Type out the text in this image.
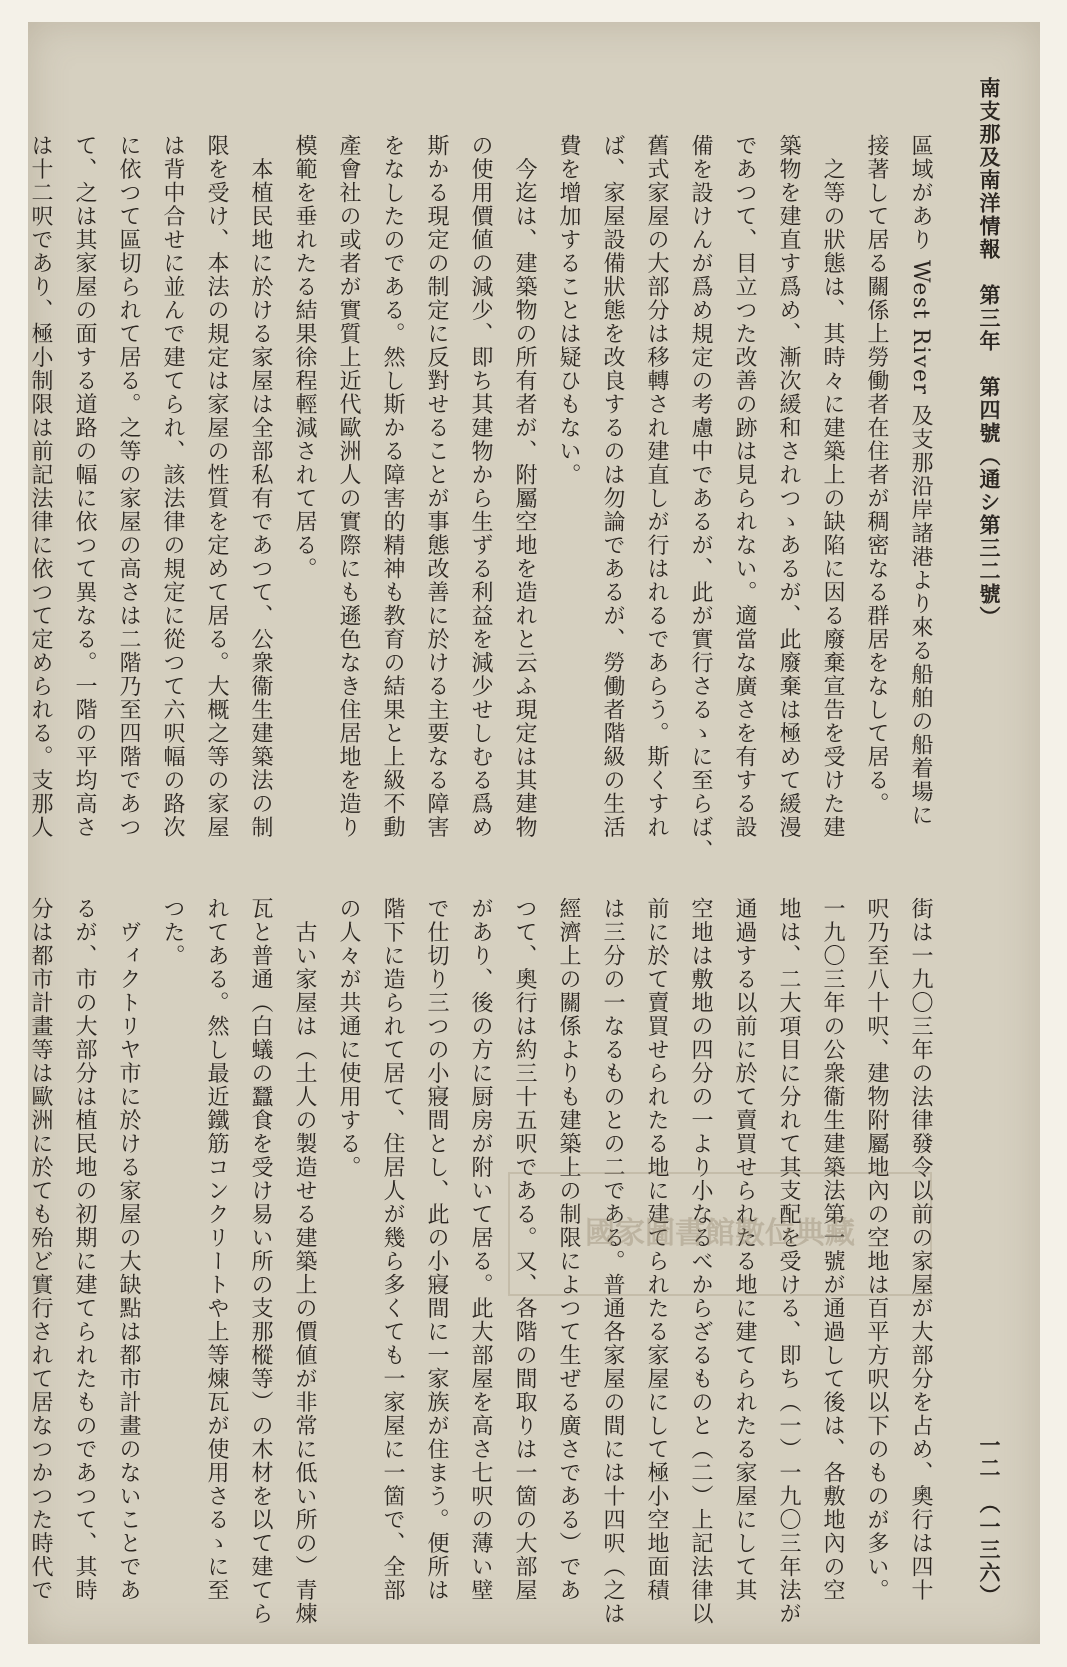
南支那及南洋情報　第三年　第四號（通シ第三二號）
一二　（一三六）
區域があり West River 及支那沿岸諸港より來る船舶の船着場に
接著して居る關係上勞働者在住者が稠密なる群居をなして居る。
　之等の狀態は、其時々に建築上の缺陷に因る廢棄宣告を受けた建
築物を建直す爲め、漸次緩和されつゝあるが、此廢棄は極めて緩漫
であつて、目立つた改善の跡は見られない。適當な廣さを有する設
備を設けんが爲め規定の考慮中であるが、此が實行さるゝに至らば、
舊式家屋の大部分は移轉され建直しが行はれるであらう。斯くすれ
ば、家屋設備狀態を改良するのは勿論であるが、勞働者階級の生活
費を增加することは疑ひもない。
　今迄は、建築物の所有者が、附屬空地を造れと云ふ現定は其建物
の使用價値の減少、即ち其建物から生ずる利益を減少せしむる爲め
斯かる現定の制定に反對せることが事態改善に於ける主要なる障害
をなしたのである。然し斯かる障害的精神も教育の結果と上級不動
產會社の或者が實質上近代歐洲人の實際にも遜色なき住居地を造り
模範を垂れたる結果徐程輕減されて居る。
　本植民地に於ける家屋は全部私有であつて、公衆衞生建築法の制
限を受け、本法の規定は家屋の性質を定めて居る。大概之等の家屋
は背中合せに並んで建てられ、該法律の規定に從つて六呎幅の路次
に依つて區切られて居る。之等の家屋の高さは二階乃至四階であつ
て、之は其家屋の面する道路の幅に依つて異なる。一階の平均高さ
は十二呎であり、極小制限は前記法律に依つて定められる。支那人
街は一九〇三年の法律發令以前の家屋が大部分を占め、奧行は四十
呎乃至八十呎、建物附屬地內の空地は百平方呎以下のものが多い。
一九〇三年の公衆衞生建築法第一號が通過して後は、各敷地內の空
地は、二大項目に分れて其支配を受ける、即ち（一）一九〇三年法が
通過する以前に於て賣買せられたる地に建てられたる家屋にして其
空地は敷地の四分の一より小なるべからざるものと（二）上記法律以
前に於て賣買せられたる地に建てられたる家屋にして極小空地面積
は三分の一なるものとの二である。普通各家屋の間には十四呎（之は
經濟上の關係よりも建築上の制限によつて生ぜる廣さである）であ
つて、奧行は約三十五呎である。又、各階の間取りは一箇の大部屋
があり、後の方に厨房が附いて居る。此大部屋を高さ七呎の薄い壁
で仕切り三つの小寢間とし、此の小寢間に一家族が住まう。便所は
階下に造られて居て、住居人が幾ら多くても一家屋に一箇で、全部
の人々が共通に使用する。
　古い家屋は（土人の製造せる建築上の價値が非常に低い所の）青煉
瓦と普通（白蟻の蠶食を受け易い所の支那樅等）の木材を以て建てら
れてある。然し最近鐵筋コンクリートや上等煉瓦が使用さるゝに至
つた。
　ヴィクトリヤ市に於ける家屋の大缺點は都市計畫のないことであ
るが、市の大部分は植民地の初期に建てられたものであつて、其時
分は都市計畫等は歐洲に於ても殆ど實行されて居なつかつた時代で	國家圖書館數位典藏
